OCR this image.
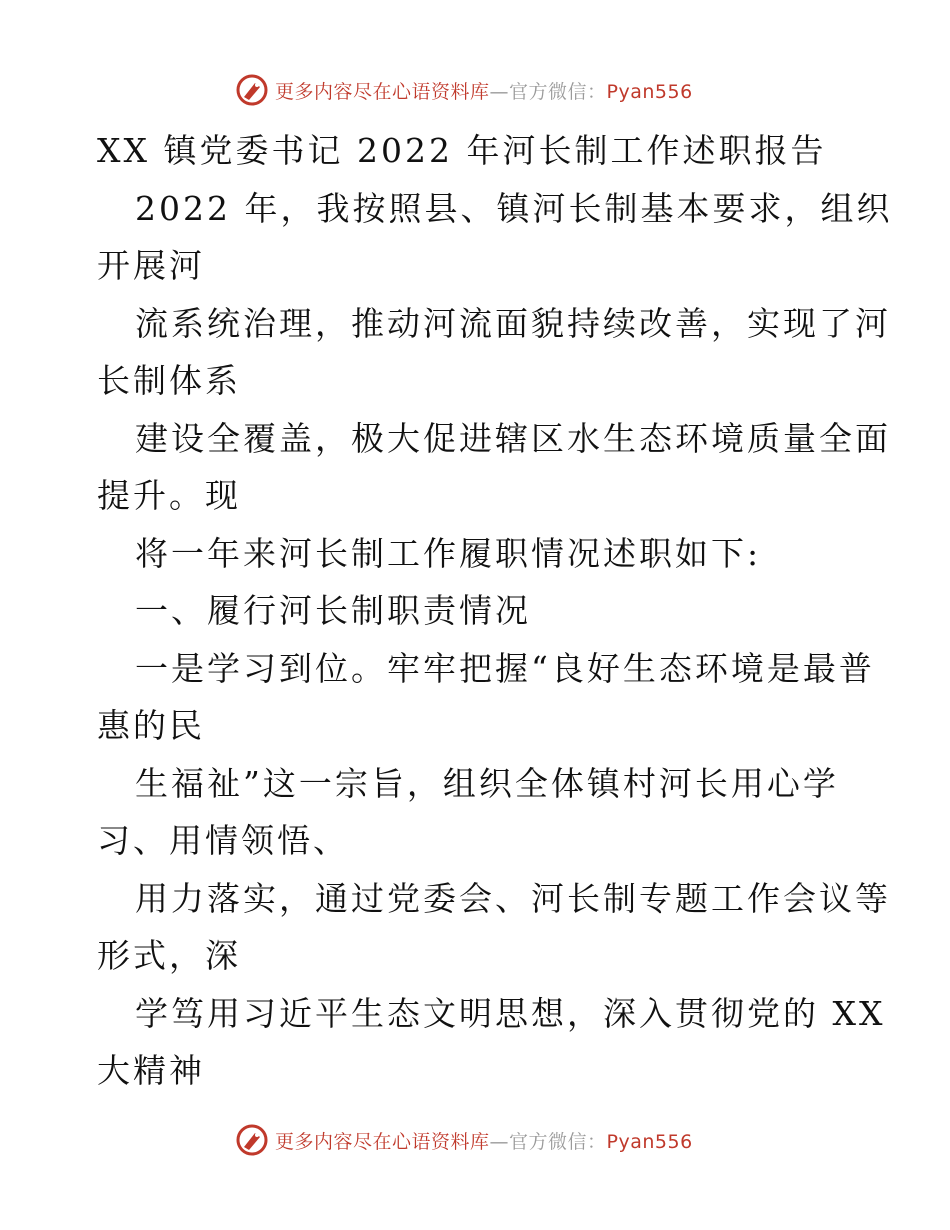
更多内容尽在心语资料库—官方微信：Pyan556
XX 镇党委书记 2022 年河长制工作述职报告
2022 年，我按照县、镇河长制基本要求，组织
开展河
流系统治理，推动河流面貌持续改善，实现了河
长制体系
建设全覆盖，极大促进辖区水生态环境质量全面
提升。现
将一年来河长制工作履职情况述职如下:
一、履行河长制职责情况
一是学习到位。牢牢把握“良好生态环境是最普
惠的民
生福祉”这一宗旨，组织全体镇村河长用心学
习、用情领悟、
用力落实，通过党委会、河长制专题工作会议等
形式，深
学笃用习近平生态文明思想，深入贯彻党的 XX
大精神
更多内容尽在心语资料库—官方微信：Pyan556
